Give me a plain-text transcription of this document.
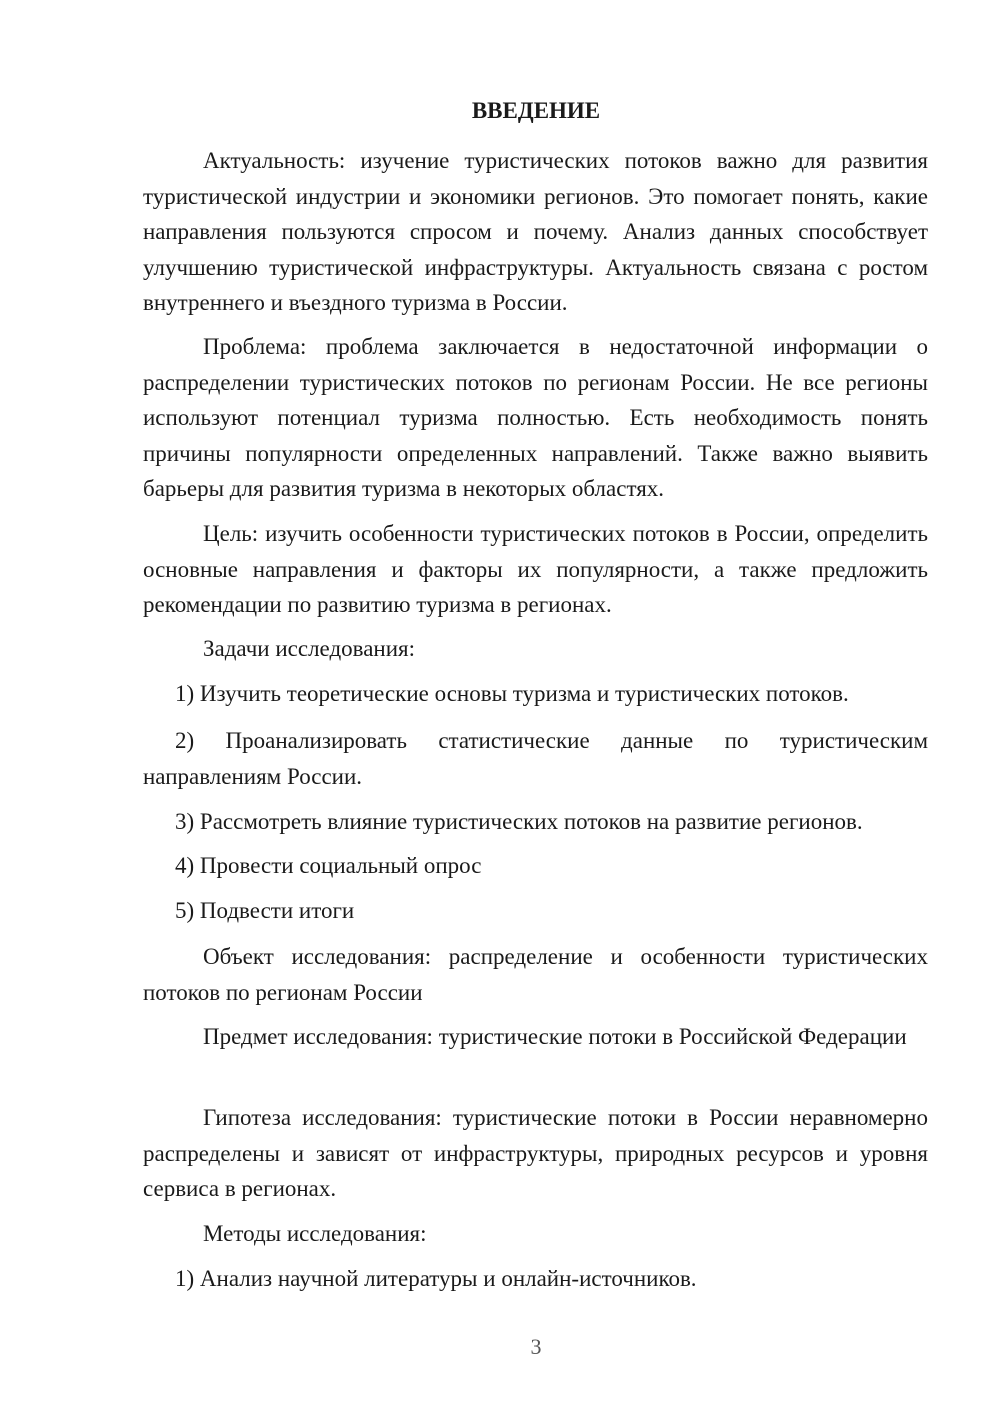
ВВЕДЕНИЕ

Актуальность: изучение туристических потоков важно для развития туристической индустрии и экономики регионов. Это помогает понять, какие направления пользуются спросом и почему. Анализ данных способствует улучшению туристической инфраструктуры. Актуальность связана с ростом внутреннего и въездного туризма в России.

Проблема: проблема заключается в недостаточной информации о распределении туристических потоков по регионам России. Не все регионы используют потенциал туризма полностью. Есть необходимость понять причины популярности определенных направлений. Также важно выявить барьеры для развития туризма в некоторых областях.

Цель: изучить особенности туристических потоков в России, определить основные направления и факторы их популярности, а также предложить рекомендации по развитию туризма в регионах.

Задачи исследования:

1) Изучить теоретические основы туризма и туристических потоков.

2) Проанализировать статистические данные по туристическим направлениям России.

3) Рассмотреть влияние туристических потоков на развитие регионов.

4) Провести социальный опрос

5) Подвести итоги

Объект исследования: распределение и особенности туристических потоков по регионам России

Предмет исследования: туристические потоки в Российской Федерации

Гипотеза исследования: туристические потоки в России неравномерно распределены и зависят от инфраструктуры, природных ресурсов и уровня сервиса в регионах.

Методы исследования:

1) Анализ научной литературы и онлайн-источников.

3
